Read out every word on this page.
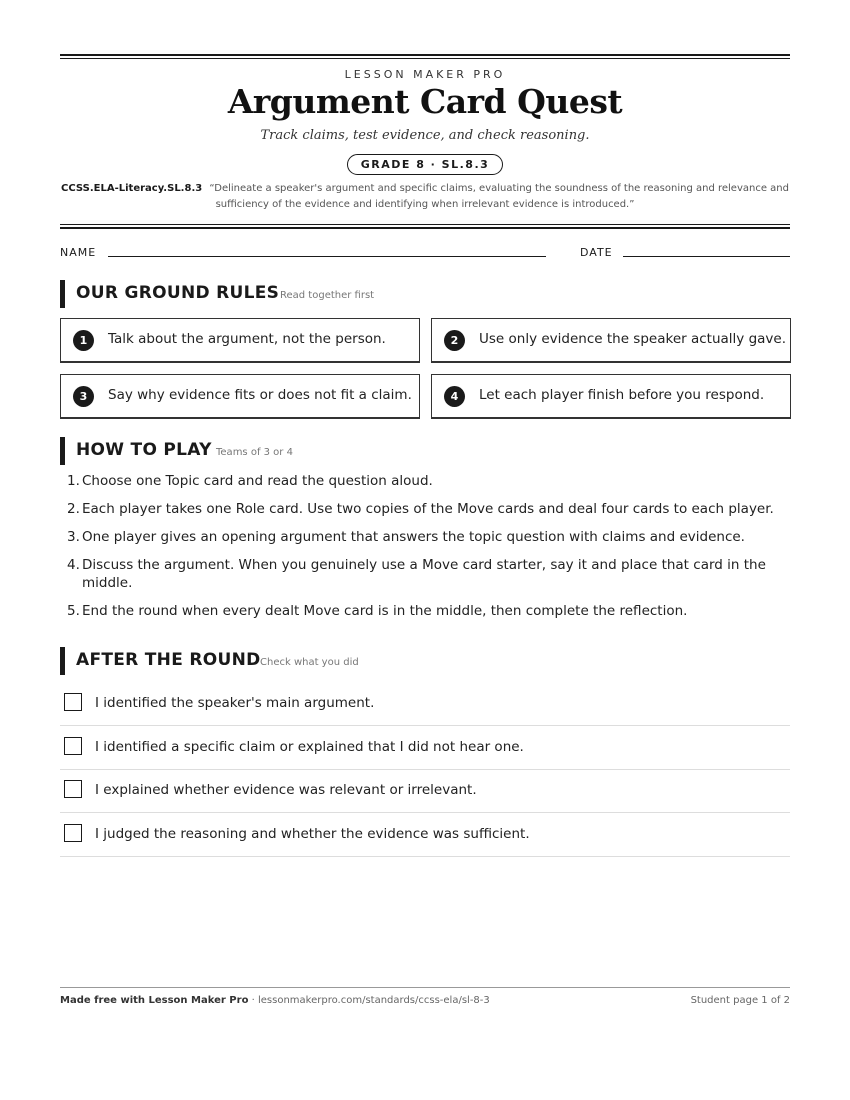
LESSON MAKER PRO
Argument Card Quest
Track claims, test evidence, and check reasoning.
GRADE 8 · SL.8.3
CCSS.ELA-Literacy.SL.8.3 “Delineate a speaker's argument and specific claims, evaluating the soundness of the reasoning and relevance and sufficiency of the evidence and identifying when irrelevant evidence is introduced.”
NAME	DATE
OUR GROUND RULES Read together first
1	Talk about the argument, not the person.	2	Use only evidence the speaker actually gave.
3	Say why evidence fits or does not fit a claim.	4	Let each player finish before you respond.
HOW TO PLAY Teams of 3 or 4
1. Choose one Topic card and read the question aloud.
2. Each player takes one Role card. Use two copies of the Move cards and deal four cards to each player.
3. One player gives an opening argument that answers the topic question with claims and evidence.
4. Discuss the argument. When you genuinely use a Move card starter, say it and place that card in the middle.
5. End the round when every dealt Move card is in the middle, then complete the reflection.
AFTER THE ROUND Check what you did
I identified the speaker's main argument.
I identified a specific claim or explained that I did not hear one.
I explained whether evidence was relevant or irrelevant.
I judged the reasoning and whether the evidence was sufficient.
Made free with Lesson Maker Pro · lessonmakerpro.com/standards/ccss-ela/sl-8-3	Student page 1 of 2
